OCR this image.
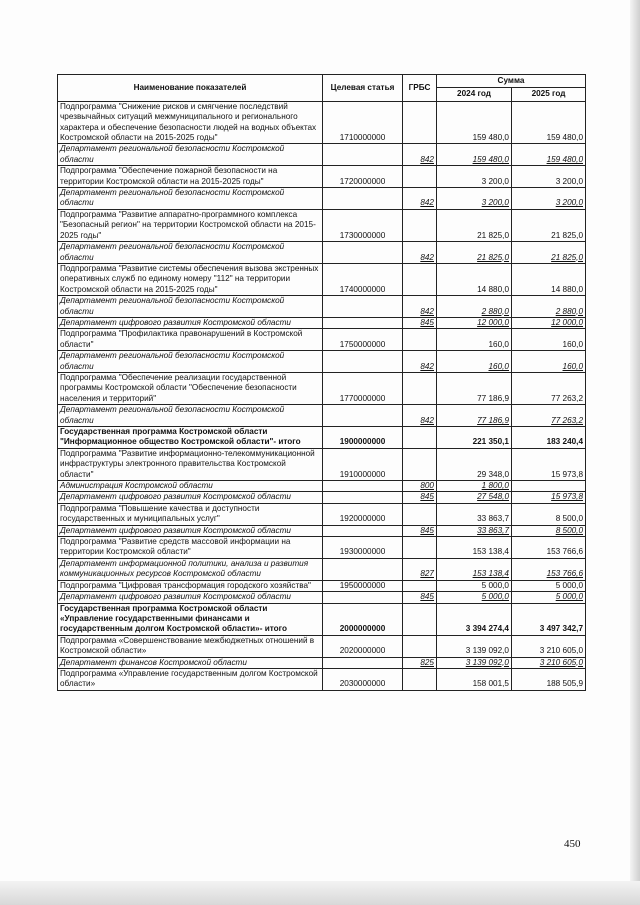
Наименование показателей	Целевая статья	ГРБС	Сумма	
			2024 год	2025 год
Подпрограмма "Снижение рисков и смягчение последствий чрезвычайных ситуаций межмуниципального и регионального характера и обеспечение безопасности людей на водных объектах Костромской области на 2015-2025 годы"	1710000000		159 480,0	159 480,0
Департамент региональной безопасности Костромской области		842	159 480,0	159 480,0
Подпрограмма "Обеспечение пожарной безопасности на территории Костромской области на 2015-2025 годы"	1720000000		3 200,0	3 200,0
Департамент региональной безопасности Костромской области		842	3 200,0	3 200,0
Подпрограмма "Развитие аппаратно-программного комплекса "Безопасный регион" на территории Костромской области на 2015-2025 годы"	1730000000		21 825,0	21 825,0
Департамент региональной безопасности Костромской области		842	21 825,0	21 825,0
Подпрограмма "Развитие системы обеспечения вызова экстренных оперативных служб по единому номеру "112" на территории Костромской области на 2015-2025 годы"	1740000000		14 880,0	14 880,0
Департамент региональной безопасности Костромской области		842	2 880,0	2 880,0
Департамент цифрового развития Костромской области		845	12 000,0	12 000,0
Подпрограмма "Профилактика правонарушений в Костромской области"	1750000000		160,0	160,0
Департамент региональной безопасности Костромской области		842	160,0	160,0
Подпрограмма "Обеспечение реализации государственной программы Костромской области "Обеспечение безопасности населения и территорий"	1770000000		77 186,9	77 263,2
Департамент региональной безопасности Костромской области		842	77 186,9	77 263,2
Государственная программа Костромской области "Информационное общество Костромской области"- итого	1900000000		221 350,1	183 240,4
Подпрограмма "Развитие информационно-телекоммуникационной инфраструктуры электронного правительства Костромской области"	1910000000		29 348,0	15 973,8
Администрация Костромской области		800	1 800,0	
Департамент цифрового развития Костромской области		845	27 548,0	15 973,8
Подпрограмма "Повышение качества и доступности государственных и муниципальных услуг"	1920000000		33 863,7	8 500,0
Департамент цифрового развития Костромской области		845	33 863,7	8 500,0
Подпрограмма "Развитие средств массовой информации на территории Костромской области"	1930000000		153 138,4	153 766,6
Департамент информационной политики, анализа и развития коммуникационных ресурсов Костромской области		827	153 138,4	153 766,6
Подпрограмма "Цифровая трансформация городского хозяйства"	1950000000		5 000,0	5 000,0
Департамент цифрового развития Костромской области		845	5 000,0	5 000,0
Государственная программа Костромской области «Управление государственными финансами и государственным долгом Костромской области»- итого	2000000000		3 394 274,4	3 497 342,7
Подпрограмма «Совершенствование межбюджетных отношений в Костромской области»	2020000000		3 139 092,0	3 210 605,0
Департамент финансов Костромской области		825	3 139 092,0	3 210 605,0
Подпрограмма «Управление государственным долгом Костромской области»	2030000000		158 001,5	188 505,9
450
